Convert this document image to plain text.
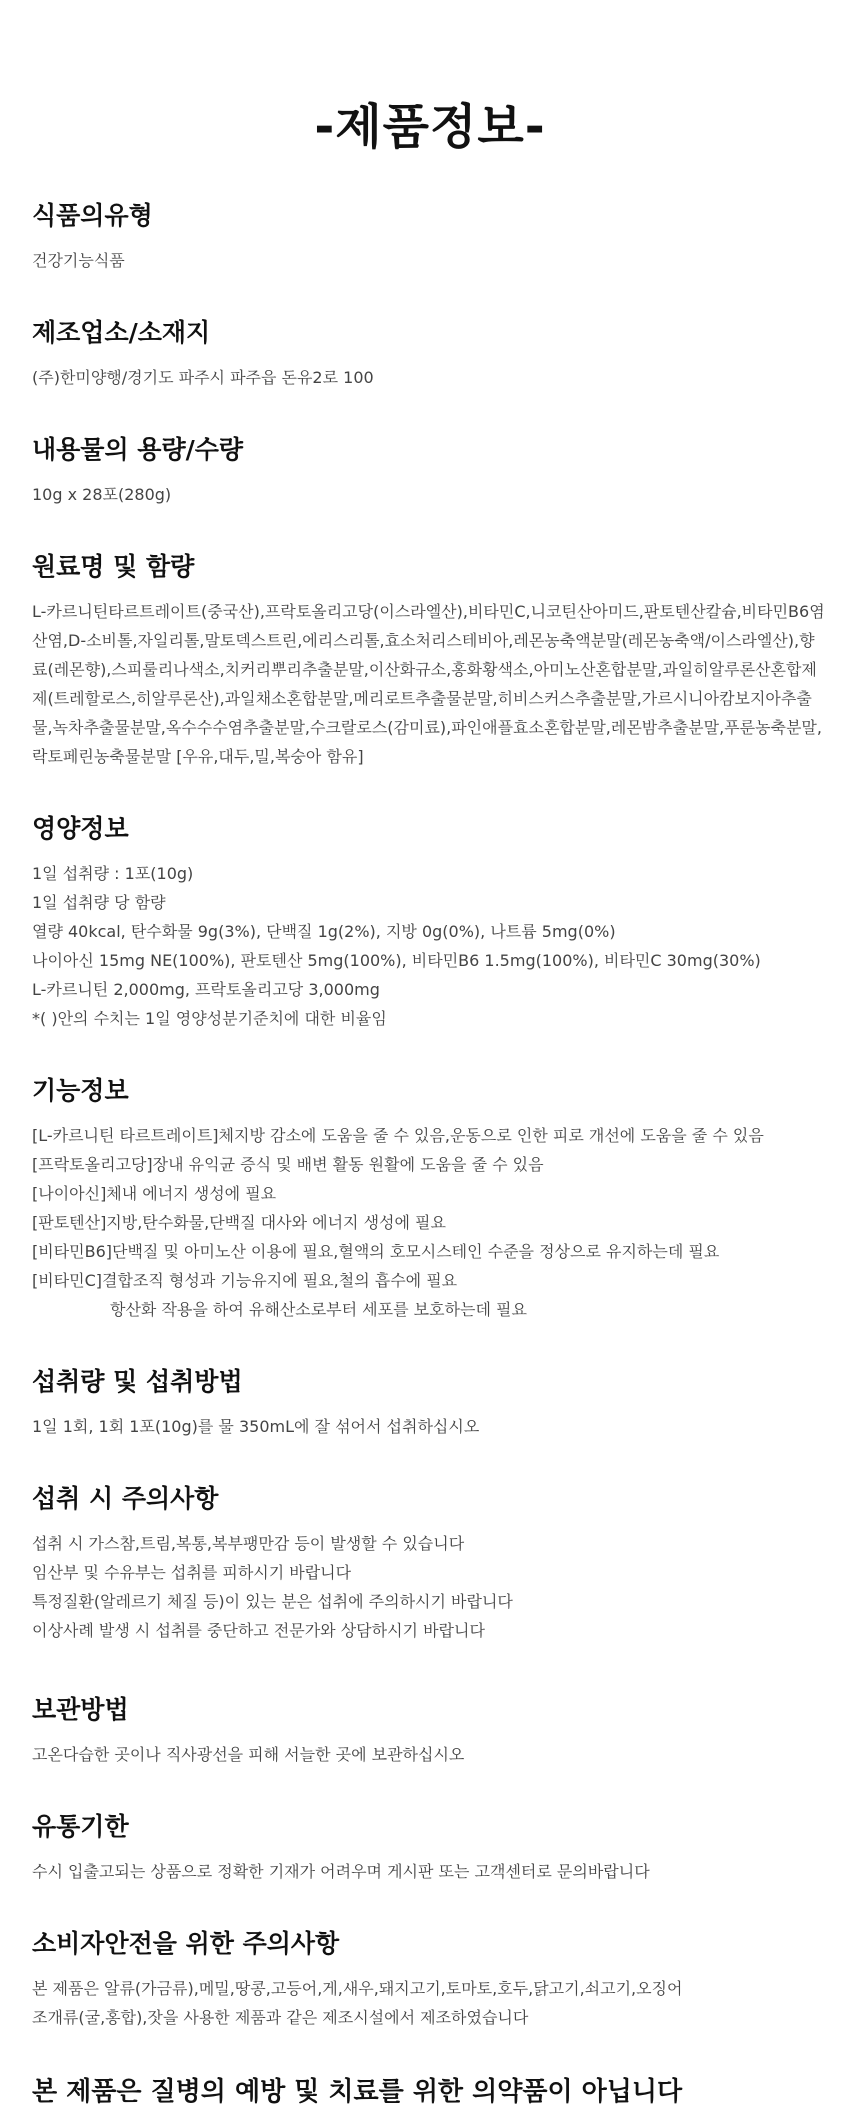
-제품정보-
식품의유형

건강기능식품

제조업소/소재지

(주)한미양행/경기도 파주시 파주읍 돈유2로 100

내용물의 용량/수량

10g x 28포(280g)

원료명 및 함량

L-카르니틴타르트레이트(중국산),프락토올리고당(이스라엘산),비타민C,니코틴산아미드,판토텐산칼슘,비타민B6염산염,D-소비톨,자일리톨,말토덱스트린,에리스리톨,효소처리스테비아,레몬농축액분말(레몬농축액/이스라엘산),향료(레몬향),스피룰리나색소,치커리뿌리추출분말,이산화규소,홍화황색소,아미노산혼합분말,과일히알루론산혼합제제(트레할로스,히알루론산),과일채소혼합분말,메리로트추출물분말,히비스커스추출분말,가르시니아캄보지아추출물,녹차추출물분말,옥수수수염추출분말,수크랄로스(감미료),파인애플효소혼합분말,레몬밤추출분말,푸룬농축분말,락토페린농축물분말 [우유,대두,밀,복숭아 함유]

영양정보

1일 섭취량 : 1포(10g)

1일 섭취량 당 함량

열량 40kcal, 탄수화물 9g(3%), 단백질 1g(2%), 지방 0g(0%), 나트륨 5mg(0%)

나이아신 15mg NE(100%), 판토텐산 5mg(100%), 비타민B6 1.5mg(100%), 비타민C 30mg(30%)

L-카르니틴 2,000mg, 프락토올리고당 3,000mg

*( )안의 수치는 1일 영양성분기준치에 대한 비율임

기능정보

[L-카르니틴 타르트레이트]체지방 감소에 도움을 줄 수 있음,운동으로 인한 피로 개선에 도움을 줄 수 있음

[프락토올리고당]장내 유익균 증식 및 배변 활동 원활에 도움을 줄 수 있음

[나이아신]체내 에너지 생성에 필요

[판토텐산]지방,탄수화물,단백질 대사와 에너지 생성에 필요

[비타민B6]단백질 및 아미노산 이용에 필요,혈액의 호모시스테인 수준을 정상으로 유지하는데 필요

[비타민C]결합조직 형성과 기능유지에 필요,철의 흡수에 필요

항산화 작용을 하여 유해산소로부터 세포를 보호하는데 필요

섭취량 및 섭취방법

1일 1회, 1회 1포(10g)를 물 350mL에 잘 섞어서 섭취하십시오

섭취 시 주의사항

섭취 시 가스참,트림,복통,복부팽만감 등이 발생할 수 있습니다

임산부 및 수유부는 섭취를 피하시기 바랍니다

특정질환(알레르기 체질 등)이 있는 분은 섭취에 주의하시기 바랍니다

이상사례 발생 시 섭취를 중단하고 전문가와 상담하시기 바랍니다

보관방법

고온다습한 곳이나 직사광선을 피해 서늘한 곳에 보관하십시오

유통기한

수시 입출고되는 상품으로 정확한 기재가 어려우며 게시판 또는 고객센터로 문의바랍니다

소비자안전을 위한 주의사항

본 제품은 알류(가금류),메밀,땅콩,고등어,게,새우,돼지고기,토마토,호두,닭고기,쇠고기,오징어

조개류(굴,홍합),잣을 사용한 제품과 같은 제조시설에서 제조하였습니다

본 제품은 질병의 예방 및 치료를 위한 의약품이 아닙니다
